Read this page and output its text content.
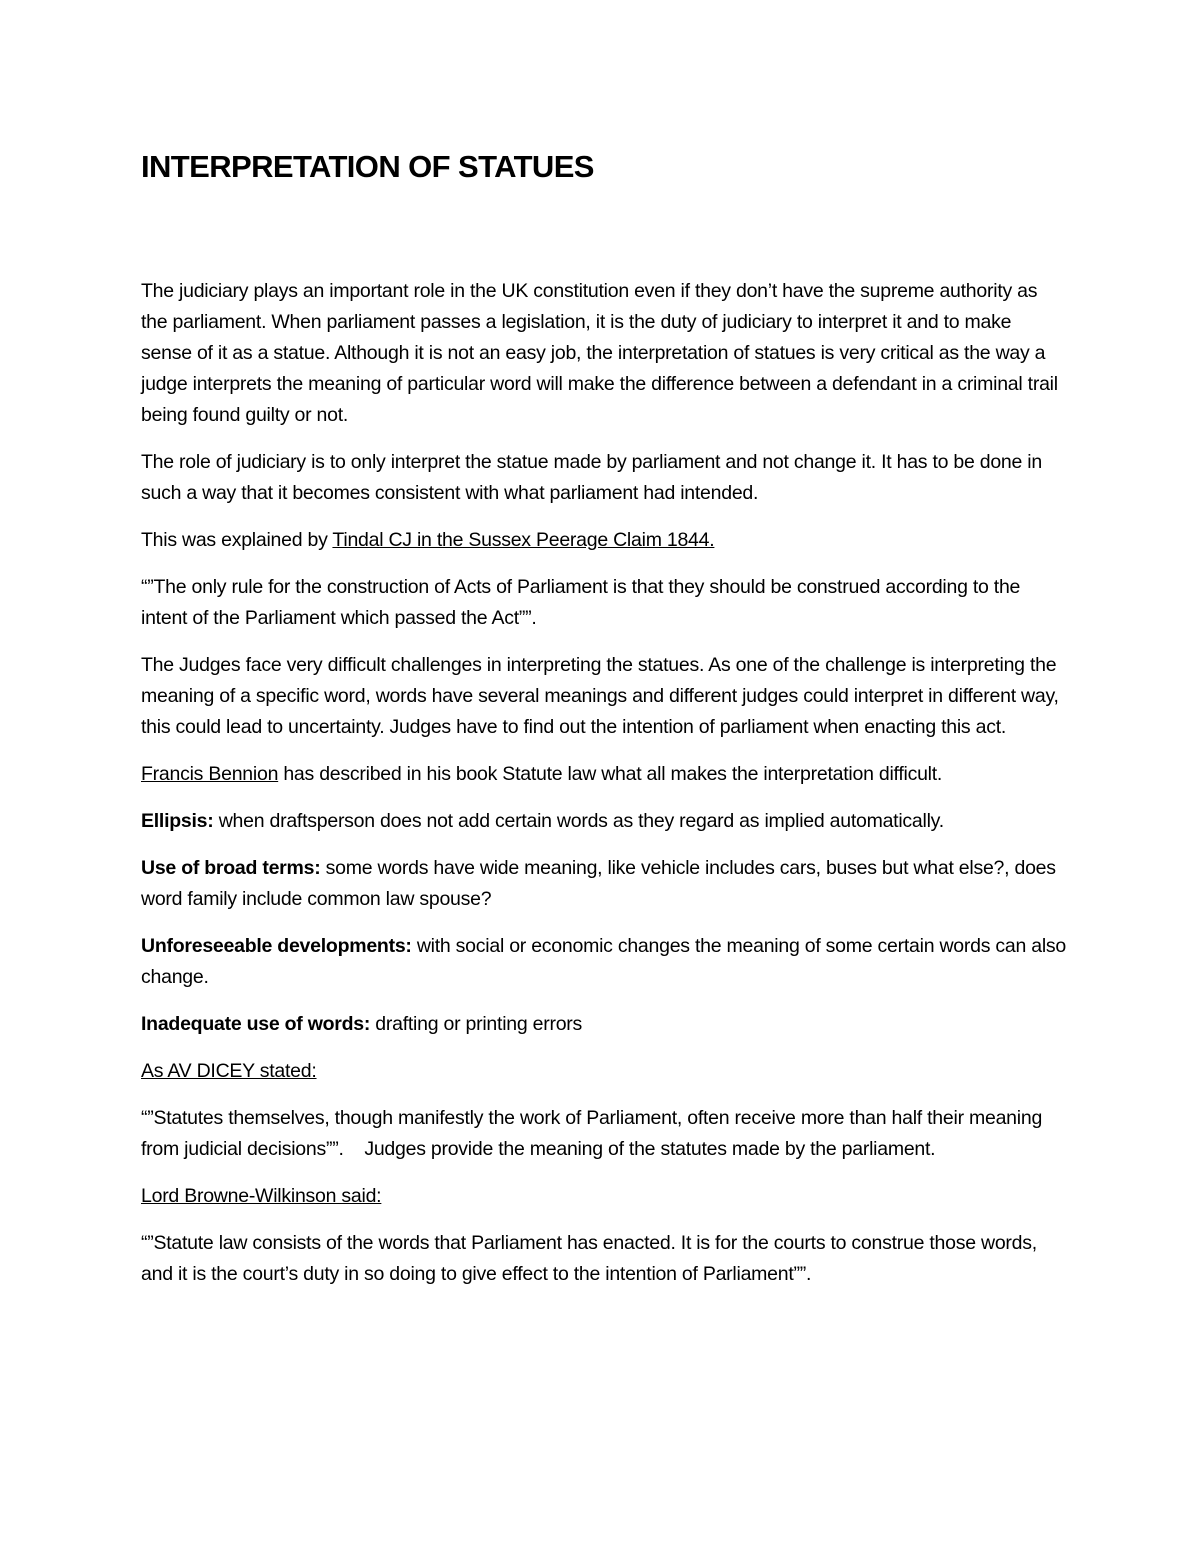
INTERPRETATION OF STATUES

The judiciary plays an important role in the UK constitution even if they don’t have the supreme authority as the parliament. When parliament passes a legislation, it is the duty of judiciary to interpret it and to make sense of it as a statue. Although it is not an easy job, the interpretation of statues is very critical as the way a judge interprets the meaning of particular word will make the difference between a defendant in a criminal trail being found guilty or not.

The role of judiciary is to only interpret the statue made by parliament and not change it. It has to be done in such a way that it becomes consistent with what parliament had intended.

This was explained by Tindal CJ in the Sussex Peerage Claim 1844.

“”The only rule for the construction of Acts of Parliament is that they should be construed according to the intent of the Parliament which passed the Act””.

The Judges face very difficult challenges in interpreting the statues. As one of the challenge is interpreting the meaning of a specific word, words have several meanings and different judges could interpret in different way, this could lead to uncertainty. Judges have to find out the intention of parliament when enacting this act.

Francis Bennion has described in his book Statute law what all makes the interpretation difficult.

Ellipsis: when draftsperson does not add certain words as they regard as implied automatically.

Use of broad terms: some words have wide meaning, like vehicle includes cars, buses but what else?, does word family include common law spouse?

Unforeseeable developments: with social or economic changes the meaning of some certain words can also change.

Inadequate use of words: drafting or printing errors

As AV DICEY stated:

“”Statutes themselves, though manifestly the work of Parliament, often receive more than half their meaning from judicial decisions””.    Judges provide the meaning of the statutes made by the parliament.

Lord Browne-Wilkinson said:

“”Statute law consists of the words that Parliament has enacted. It is for the courts to construe those words, and it is the court’s duty in so doing to give effect to the intention of Parliament””.
